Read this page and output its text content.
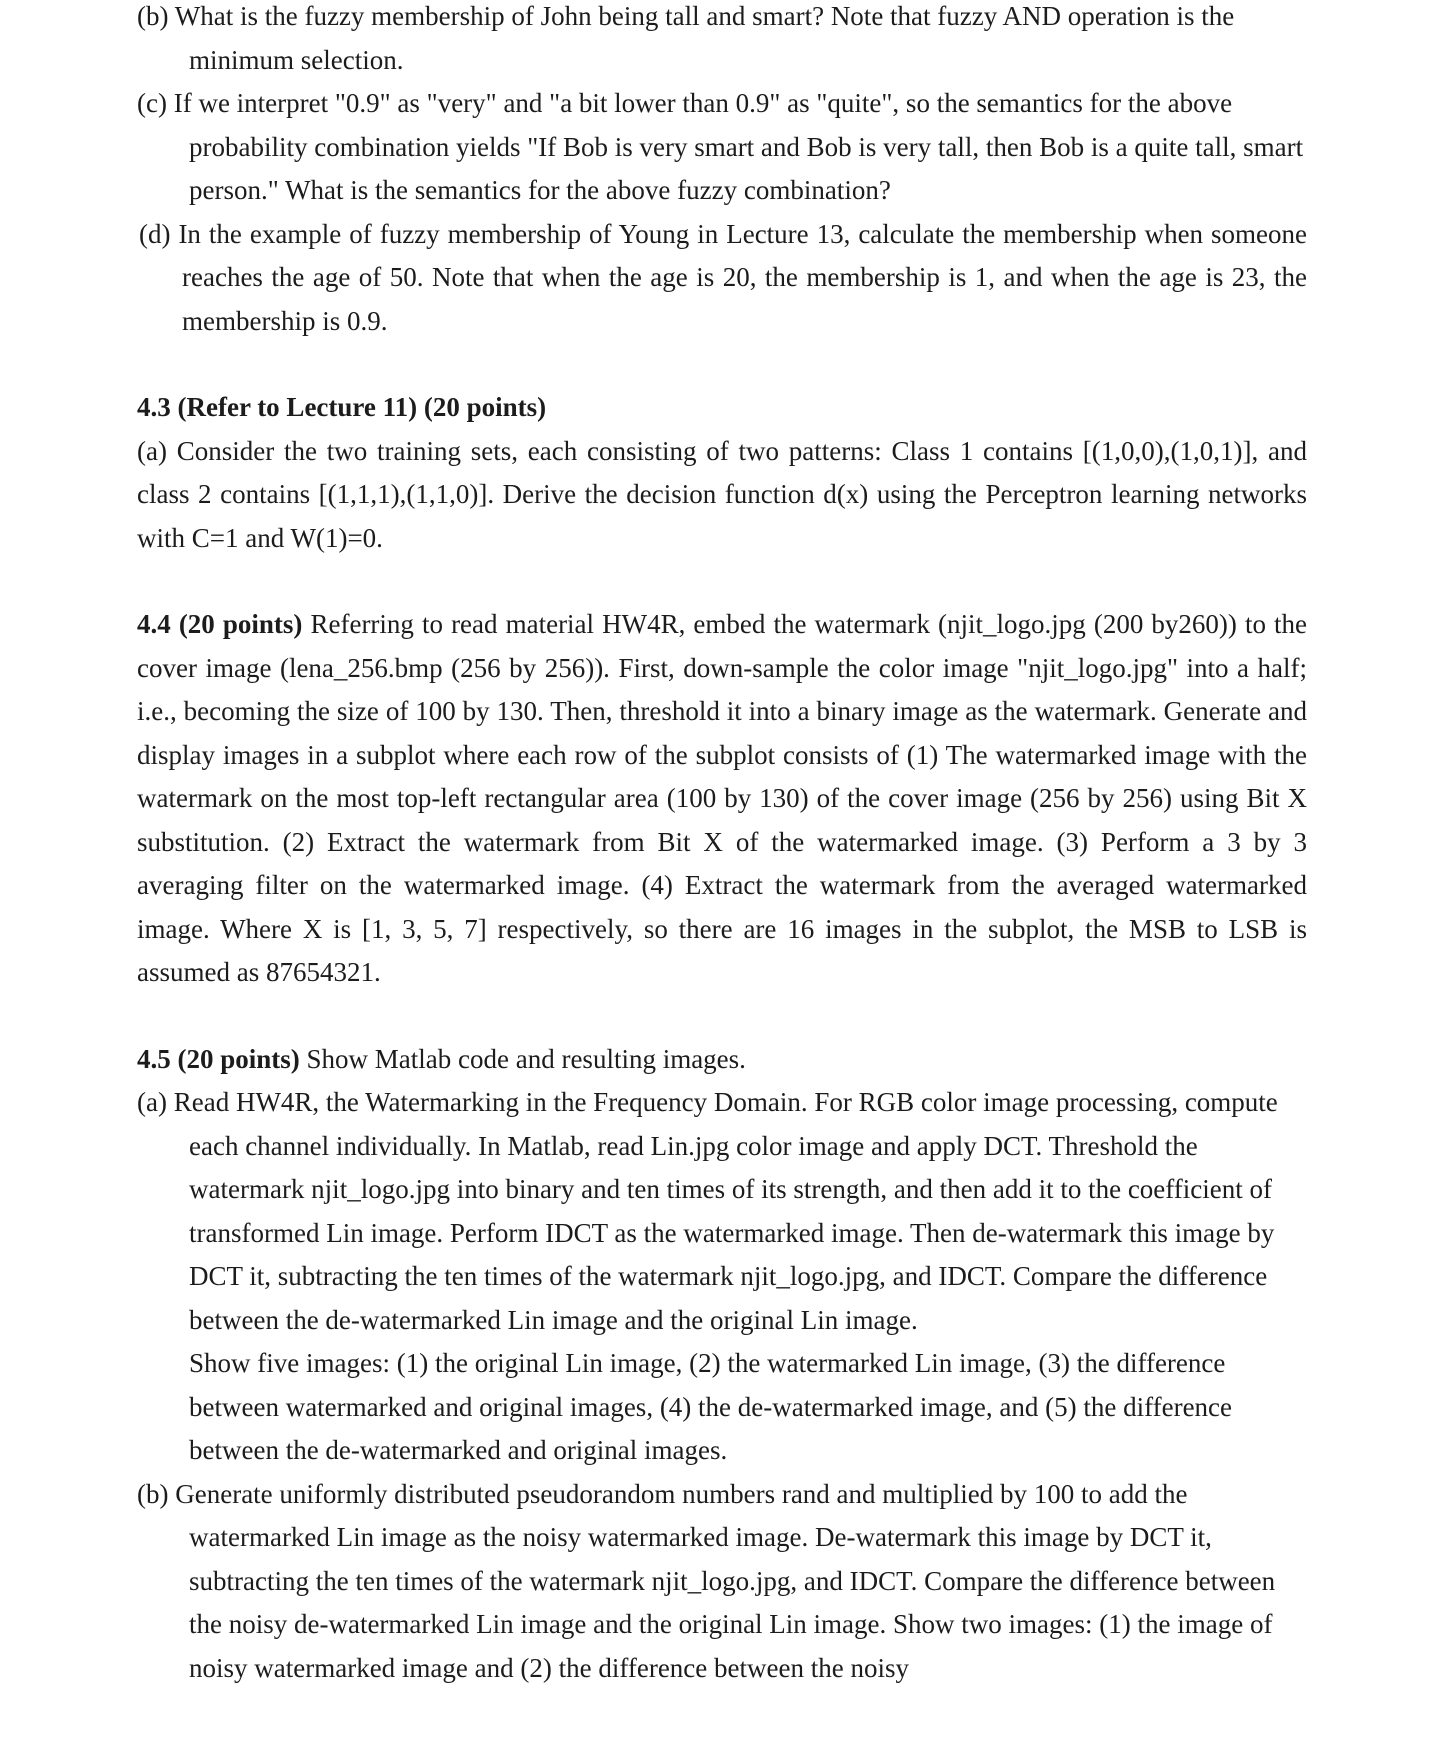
(b) What is the fuzzy membership of John being tall and smart? Note that fuzzy AND operation is the minimum selection.

(c) If we interpret "0.9" as "very" and "a bit lower than 0.9" as "quite", so the semantics for the above probability combination yields "If Bob is very smart and Bob is very tall, then Bob is a quite tall, smart person." What is the semantics for the above fuzzy combination?

(d) In the example of fuzzy membership of Young in Lecture 13, calculate the membership when someone reaches the age of 50. Note that when the age is 20, the membership is 1, and when the age is 23, the membership is 0.9.

4.3 (Refer to Lecture 11) (20 points)

(a) Consider the two training sets, each consisting of two patterns: Class 1 contains [(1,0,0),(1,0,1)], and class 2 contains [(1,1,1),(1,1,0)]. Derive the decision function d(x) using the Perceptron learning networks with C=1 and W(1)=0.

4.4 (20 points) Referring to read material HW4R, embed the watermark (njit_logo.jpg (200 by260)) to the cover image (lena_256.bmp (256 by 256)). First, down-sample the color image "njit_logo.jpg" into a half; i.e., becoming the size of 100 by 130. Then, threshold it into a binary image as the watermark. Generate and display images in a subplot where each row of the subplot consists of (1) The watermarked image with the watermark on the most top-left rectangular area (100 by 130) of the cover image (256 by 256) using Bit X substitution. (2) Extract the watermark from Bit X of the watermarked image. (3) Perform a 3 by 3 averaging filter on the watermarked image. (4) Extract the watermark from the averaged watermarked image. Where X is [1, 3, 5, 7] respectively, so there are 16 images in the subplot, the MSB to LSB is assumed as 87654321.

4.5 (20 points) Show Matlab code and resulting images.

(a) Read HW4R, the Watermarking in the Frequency Domain. For RGB color image processing, compute each channel individually. In Matlab, read Lin.jpg color image and apply DCT. Threshold the watermark njit_logo.jpg into binary and ten times of its strength, and then add it to the coefficient of transformed Lin image. Perform IDCT as the watermarked image. Then de-watermark this image by DCT it, subtracting the ten times of the watermark njit_logo.jpg, and IDCT. Compare the difference between the de-watermarked Lin image and the original Lin image.

Show five images: (1) the original Lin image, (2) the watermarked Lin image, (3) the difference between watermarked and original images, (4) the de-watermarked image, and (5) the difference between the de-watermarked and original images.

(b) Generate uniformly distributed pseudorandom numbers rand and multiplied by 100 to add the watermarked Lin image as the noisy watermarked image. De-watermark this image by DCT it, subtracting the ten times of the watermark njit_logo.jpg, and IDCT. Compare the difference between the noisy de-watermarked Lin image and the original Lin image. Show two images: (1) the image of noisy watermarked image and (2) the difference between the noisy
